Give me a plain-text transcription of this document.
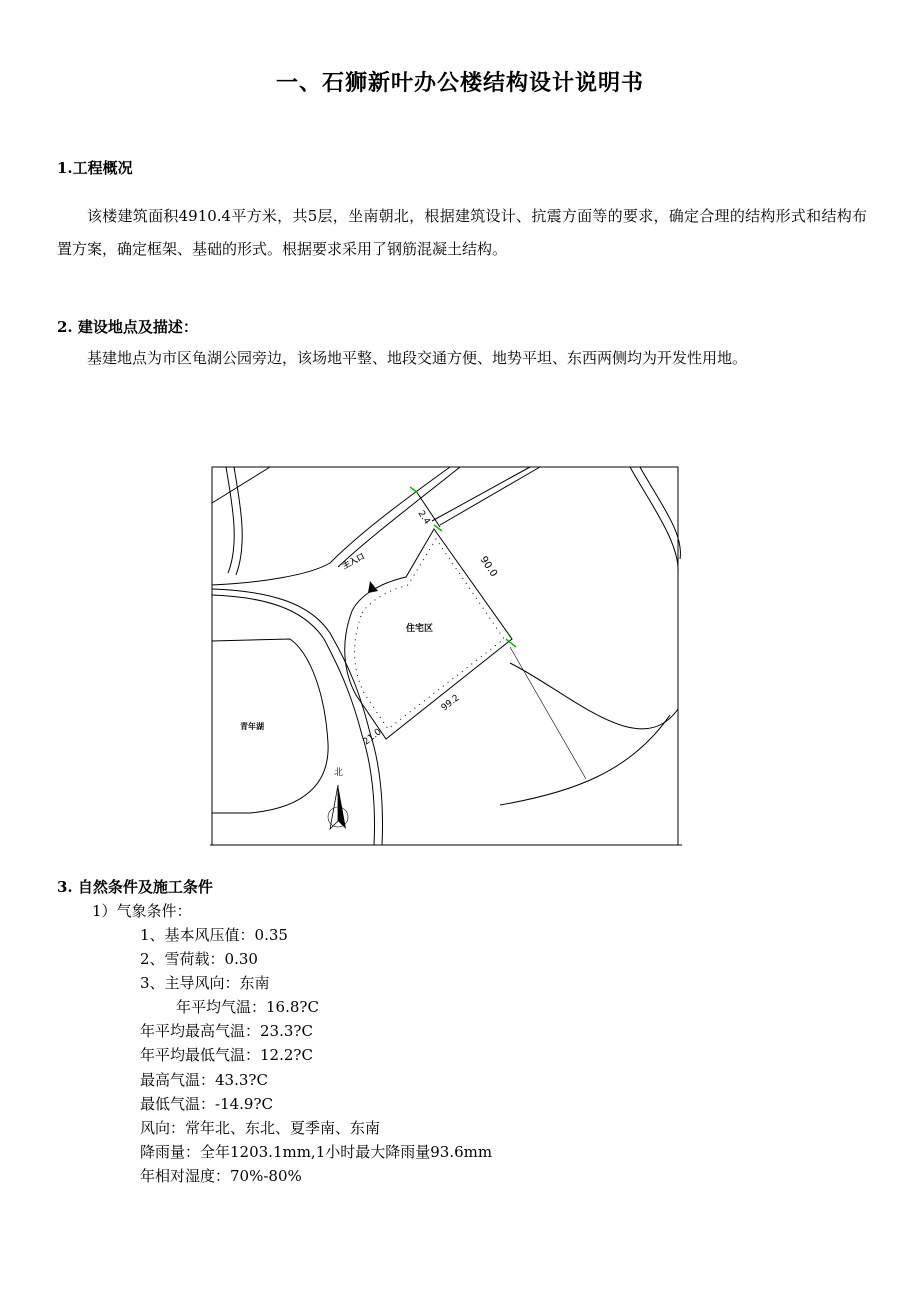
一、石狮新叶办公楼结构设计说明书
1.工程概况
该楼建筑面积4910.4平方米，共5层，坐南朝北，根据建筑设计、抗震方面等的要求，确定合理的结构形式和结构布置方案，确定框架、基础的形式。根据要求采用了钢筋混凝土结构。
2. 建设地点及描述：
基建地点为市区龟湖公园旁边，该场地平整、地段交通方便、地势平坦、东西两侧均为开发性用地。
北
主入口
住宅区
青年湖
2.4
90.0
99.2
21.0
3. 自然条件及施工条件
1）气象条件：
1、基本风压值：0.35
2、雪荷载：0.30
3、主导风向：东南
年平均气温：16.8?C
年平均最高气温：23.3?C
年平均最低气温：12.2?C
最高气温：43.3?C
最低气温：-14.9?C
风向：常年北、东北、夏季南、东南
降雨量：全年1203.1mm,1小时最大降雨量93.6mm
年相对湿度：70%-80%
